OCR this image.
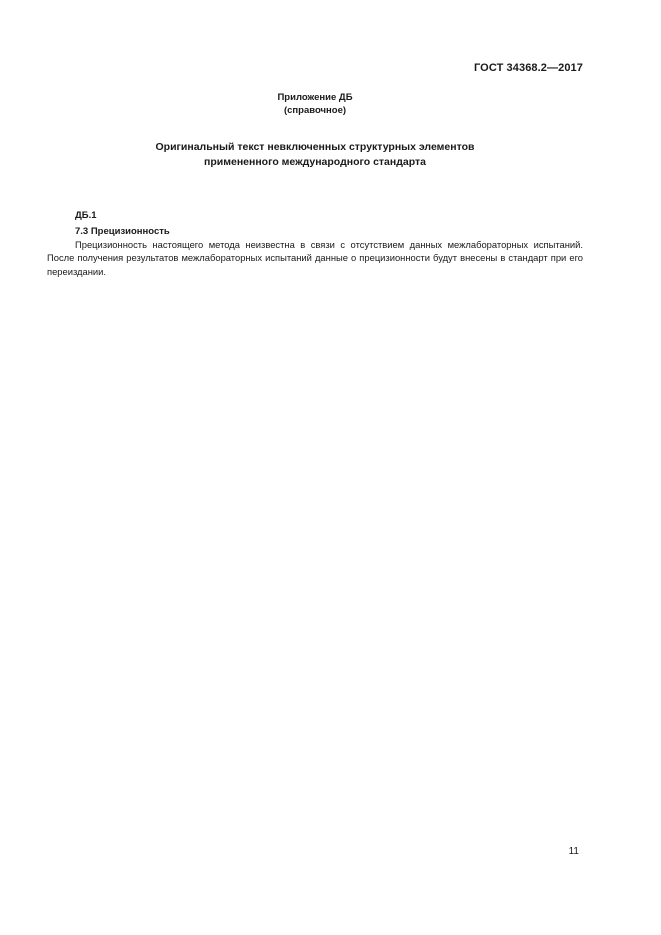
ГОСТ 34368.2—2017
Приложение ДБ
(справочное)
Оригинальный текст невключенных структурных элементов
примененного международного стандарта
ДБ.1
7.3 Прецизионность
Прецизионность настоящего метода неизвестна в связи с отсутствием данных межлабораторных испытаний. После получения результатов межлабораторных испытаний данные о прецизионности будут внесены в стандарт при его переиздании.
11
